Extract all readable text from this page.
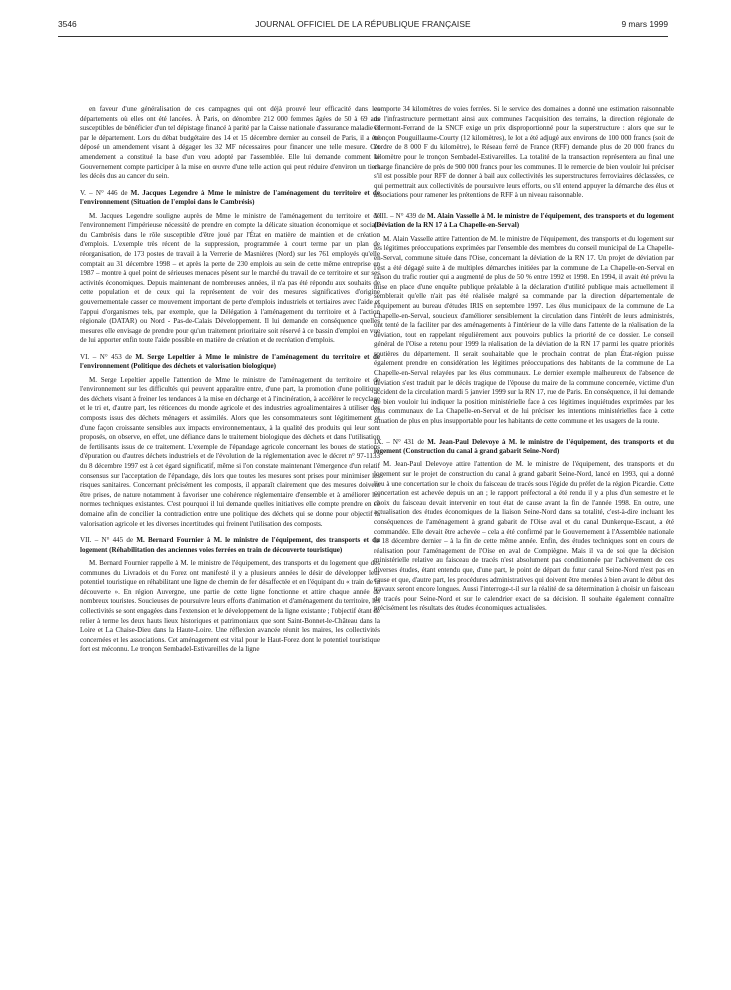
3546	JOURNAL OFFICIEL DE LA RÉPUBLIQUE FRANÇAISE	9 mars 1999

en faveur d'une généralisation de ces campagnes qui ont déjà prouvé leur efficacité dans les départements où elles ont été lancées. À Paris, on dénombre 212 000 femmes âgées de 50 à 69 ans susceptibles de bénéficier d'un tel dépistage financé à parité par la Caisse nationale d'assurance maladie et par le département. Lors du débat budgétaire des 14 et 15 décembre dernier au conseil de Paris, il a été déposé un amendement visant à dégager les 32 MF nécessaires pour financer une telle mesure. Cet amendement a constitué la base d'un vœu adopté par l'assemblée. Elle lui demande comment le Gouvernement compte participer à la mise en œuvre d'une telle action qui peut réduire d'environ un tiers les décès dus au cancer du sein.

V. – N° 446 de M. Jacques Legendre à Mme le ministre de l'aménagement du territoire et de l'environnement (Situation de l'emploi dans le Cambrésis)

M. Jacques Legendre souligne auprès de Mme le ministre de l'aménagement du territoire et de l'environnement l'impérieuse nécessité de prendre en compte la délicate situation économique et sociale du Cambrésis dans le rôle susceptible d'être joué par l'État en matière de maintien et de création d'emplois. L'exemple très récent de la suppression, programmée à court terme par un plan de réorganisation, de 173 postes de travail à la Verrerie de Masnières (Nord) sur les 761 employés qu'elle comptait au 31 décembre 1998 – et après la perte de 230 emplois au sein de cette même entreprise en 1987 – montre à quel point de sérieuses menaces pèsent sur le marché du travail de ce territoire et sur ses activités économiques. Depuis maintenant de nombreuses années, il n'a pas été répondu aux souhaits de cette population et de ceux qui la représentent de voir des mesures significatives d'origine gouvernementale casser ce mouvement important de perte d'emplois industriels et tertiaires avec l'aide et l'appui d'organismes tels, par exemple, que la Délégation à l'aménagement du territoire et à l'action régionale (DATAR) ou Nord - Pas-de-Calais Développement. Il lui demande en conséquence quelles mesures elle envisage de prendre pour qu'un traitement prioritaire soit réservé à ce bassin d'emploi en vue de lui apporter enfin toute l'aide possible en matière de création et de recréation d'emplois.

VI. – N° 453 de M. Serge Lepeltier à Mme le ministre de l'aménagement du territoire et de l'environnement (Politique des déchets et valorisation biologique)

M. Serge Lepeltier appelle l'attention de Mme le ministre de l'aménagement du territoire et de l'environnement sur les difficultés qui peuvent apparaître entre, d'une part, la promotion d'une politique des déchets visant à freiner les tendances à la mise en décharge et à l'incinération, à accélérer le recyclage et le tri et, d'autre part, les réticences du monde agricole et des industries agroalimentaires à utiliser des composts issus des déchets ménagers et assimilés. Alors que les consommateurs sont légitimement et d'une façon croissante sensibles aux impacts environnementaux, à la qualité des produits qui leur sont proposés, on observe, en effet, une défiance dans le traitement biologique des déchets et dans l'utilisation de fertilisants issus de ce traitement. L'exemple de l'épandage agricole concernant les boues de stations d'épuration ou d'autres déchets industriels et de l'évolution de la réglementation avec le décret n° 97-1133 du 8 décembre 1997 est à cet égard significatif, même si l'on constate maintenant l'émergence d'un relatif consensus sur l'acceptation de l'épandage, dès lors que toutes les mesures sont prises pour minimiser les risques sanitaires. Concernant précisément les composts, il apparaît clairement que des mesures doivent être prises, de nature notamment à favoriser une cohérence réglementaire d'ensemble et à améliorer les normes techniques existantes. C'est pourquoi il lui demande quelles initiatives elle compte prendre en ce domaine afin de concilier la contradiction entre une politique des déchets qui se donne pour objectif la valorisation agricole et les diverses incertitudes qui freinent l'utilisation des composts.

VII. – N° 445 de M. Bernard Fournier à M. le ministre de l'équipement, des transports et du logement (Réhabilitation des anciennes voies ferrées en train de découverte touristique)

M. Bernard Fournier rappelle à M. le ministre de l'équipement, des transports et du logement que des communes du Livradois et du Forez ont manifesté il y a plusieurs années le désir de développer leur potentiel touristique en réhabilitant une ligne de chemin de fer désaffectée et en l'équipant du « train de la découverte ». En région Auvergne, une partie de cette ligne fonctionne et attire chaque année de nombreux touristes. Soucieuses de poursuivre leurs efforts d'animation et d'aménagement du territoire, les collectivités se sont engagées dans l'extension et le développement de la ligne existante ; l'objectif étant de relier à terme les deux hauts lieux historiques et patrimoniaux que sont Saint-Bonnet-le-Château dans la Loire et La Chaise-Dieu dans la Haute-Loire. Une réflexion avancée réunit les maires, les collectivités concernées et les associations. Cet aménagement est vital pour le Haut-Forez dont le potentiel touristique fort est méconnu. Le tronçon Sembadel-Estivareilles de la ligne

comporte 34 kilomètres de voies ferrées. Si le service des domaines a donné une estimation raisonnable de l'infrastructure permettant ainsi aux communes l'acquisition des terrains, la direction régionale de Clermont-Ferrand de la SNCF exige un prix disproportionné pour la superstructure : alors que sur le tronçon Pouguillaume-Courty (12 kilomètres), le lot a été adjugé aux environs de 100 000 francs (soit de l'ordre de 8 000 F du kilomètre), le Réseau ferré de France (RFF) demande plus de 20 000 francs du kilomètre pour le tronçon Sembadel-Estivareilles. La totalité de la transaction représentera au final une charge financière de près de 900 000 francs pour les communes. Il le remercie de bien vouloir lui préciser s'il est possible pour RFF de donner à bail aux collectivités les superstructures ferroviaires déclassées, ce qui permettrait aux collectivités de poursuivre leurs efforts, ou s'il entend appuyer la démarche des élus et associations pour ramener les prétentions de RFF à un niveau raisonnable.

VIII. – N° 439 de M. Alain Vasselle à M. le ministre de l'équipement, des transports et du logement (Déviation de la RN 17 à La Chapelle-en-Serval)

M. Alain Vasselle attire l'attention de M. le ministre de l'équipement, des transports et du logement sur les légitimes préoccupations exprimées par l'ensemble des membres du conseil municipal de La Chapelle-en-Serval, commune située dans l'Oise, concernant la déviation de la RN 17. Un projet de déviation par l'est a été dégagé suite à de multiples démarches initiées par la commune de La Chapelle-en-Serval en raison du trafic routier qui a augmenté de plus de 50 % entre 1992 et 1998. En 1994, il avait été prévu la mise en place d'une enquête publique préalable à la déclaration d'utilité publique mais actuellement il semblerait qu'elle n'ait pas été réalisée malgré sa commande par la direction départementale de l'équipement au bureau d'études IRIS en septembre 1997. Les élus municipaux de la commune de La Chapelle-en-Serval, soucieux d'améliorer sensiblement la circulation dans l'intérêt de leurs administrés, ont tenté de la faciliter par des aménagements à l'intérieur de la ville dans l'attente de la réalisation de la déviation, tout en rappelant régulièrement aux pouvoirs publics la priorité de ce dossier. Le conseil général de l'Oise a retenu pour 1999 la réalisation de la déviation de la RN 17 parmi les quatre priorités routières du département. Il serait souhaitable que le prochain contrat de plan État-région puisse également prendre en considération les légitimes préoccupations des habitants de la commune de La Chapelle-en-Serval relayées par les élus communaux. Le dernier exemple malheureux de l'absence de déviation s'est traduit par le décès tragique de l'épouse du maire de la commune concernée, victime d'un accident de la circulation mardi 5 janvier 1999 sur la RN 17, rue de Paris. En conséquence, il lui demande de bien vouloir lui indiquer la position ministérielle face à ces légitimes inquiétudes exprimées par les élus communaux de La Chapelle-en-Serval et de lui préciser les intentions ministérielles face à cette situation de plus en plus insupportable pour les habitants de cette commune et les usagers de la route.

IX. – N° 431 de M. Jean-Paul Delevoye à M. le ministre de l'équipement, des transports et du logement (Construction du canal à grand gabarit Seine-Nord)

M. Jean-Paul Delevoye attire l'attention de M. le ministre de l'équipement, des transports et du logement sur le projet de construction du canal à grand gabarit Seine-Nord, lancé en 1993, qui a donné lieu à une concertation sur le choix du faisceau de tracés sous l'égide du préfet de la région Picardie. Cette concertation est achevée depuis un an ; le rapport préfectoral a été rendu il y a plus d'un semestre et le choix du faisceau devait intervenir en tout état de cause avant la fin de l'année 1998. En outre, une actualisation des études économiques de la liaison Seine-Nord dans sa totalité, c'est-à-dire incluant les conséquences de l'aménagement à grand gabarit de l'Oise aval et du canal Dunkerque-Escaut, a été commandée. Elle devait être achevée – cela a été confirmé par le Gouvernement à l'Assemblée nationale le 18 décembre dernier – à la fin de cette même année. Enfin, des études techniques sont en cours de réalisation pour l'aménagement de l'Oise en aval de Compiègne. Mais il va de soi que la décision ministérielle relative au faisceau de tracés n'est absolument pas conditionnée par l'achèvement de ces diverses études, étant entendu que, d'une part, le point de départ du futur canal Seine-Nord n'est pas en cause et que, d'autre part, les procédures administratives qui doivent être menées à bien avant le début des travaux seront encore longues. Aussi l'interroge-t-il sur la réalité de sa détermination à choisir un faisceau de tracés pour Seine-Nord et sur le calendrier exact de sa décision. Il souhaite également connaître précisément les résultats des études économiques actualisées.
